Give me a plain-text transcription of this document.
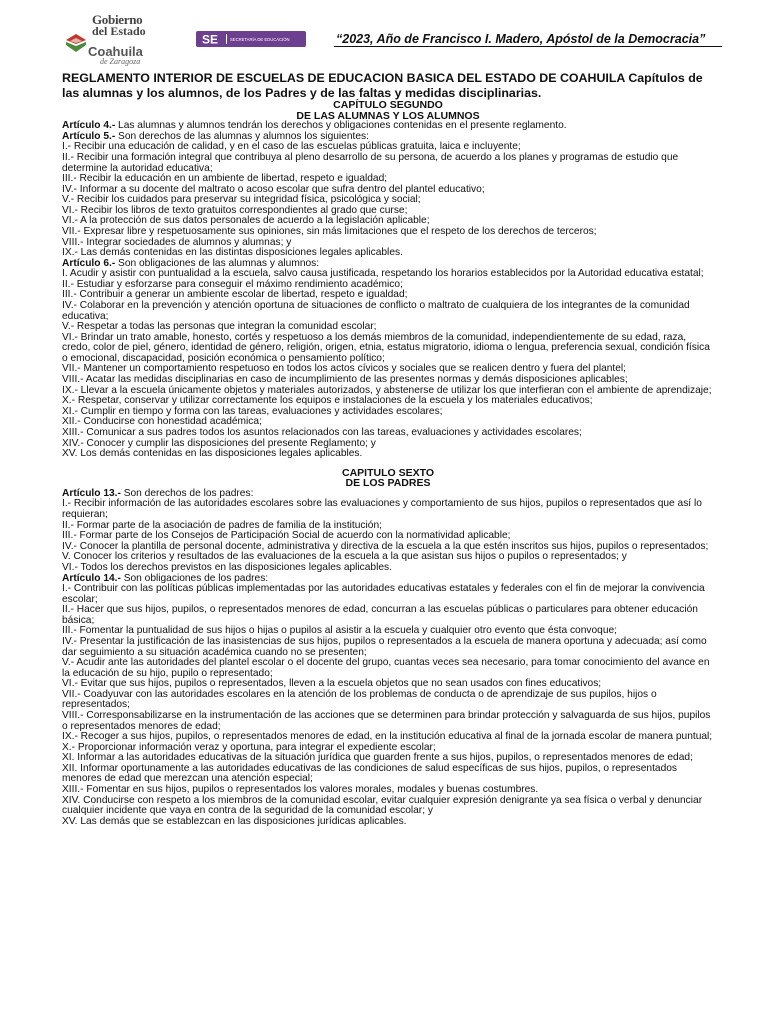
Gobierno
del Estado
Coahuila
de Zaragoza
SE	SECRETARÍA DE EDUCACIÓN	“2023, Año de Francisco I. Madero, Apóstol de la Democracia”

REGLAMENTO INTERIOR DE ESCUELAS DE EDUCACION BASICA DEL ESTADO DE COAHUILA Capítulos de las alumnas y los alumnos, de los Padres y de las faltas y medidas disciplinarias.

CAPÍTULO SEGUNDO

DE LAS ALUMNAS Y LOS ALUMNOS

Artículo 4.- Las alumnas y alumnos tendrán los derechos y obligaciones contenidas en el presente reglamento.

Artículo 5.- Son derechos de las alumnas y alumnos los siguientes:

I.- Recibir una educación de calidad, y en el caso de las escuelas públicas gratuita, laica e incluyente;

II.- Recibir una formación integral que contribuya al pleno desarrollo de su persona, de acuerdo a los planes y programas de estudio que determine la autoridad educativa;

III.- Recibir la educación en un ambiente de libertad, respeto e igualdad;

IV.- Informar a su docente del maltrato o acoso escolar que sufra dentro del plantel educativo;

V.- Recibir los cuidados para preservar su integridad física, psicológica y social;

VI.- Recibir los libros de texto gratuitos correspondientes al grado que curse;

VI.- A la protección de sus datos personales de acuerdo a la legislación aplicable;

VII.- Expresar libre y respetuosamente sus opiniones, sin más limitaciones que el respeto de los derechos de terceros;

VIII.- Integrar sociedades de alumnos y alumnas; y

IX.- Las demás contenidas en las distintas disposiciones legales aplicables.

Artículo 6.- Son obligaciones de las alumnas y alumnos:

I. Acudir y asistir con puntualidad a la escuela, salvo causa justificada, respetando los horarios establecidos por la Autoridad educativa estatal;

II.- Estudiar y esforzarse para conseguir el máximo rendimiento académico;

III.- Contribuir a generar un ambiente escolar de libertad, respeto e igualdad;

IV.- Colaborar en la prevención y atención oportuna de situaciones de conflicto o maltrato de cualquiera de los integrantes de la comunidad educativa;

V.- Respetar a todas las personas que integran la comunidad escolar;

VI.- Brindar un trato amable, honesto, cortés y respetuoso a los demás miembros de la comunidad, independientemente de su edad, raza, credo, color de piel, género, identidad de género, religión, origen, etnia, estatus migratorio, idioma o lengua, preferencia sexual, condición física o emocional, discapacidad, posición económica o pensamiento político;

VII.- Mantener un comportamiento respetuoso en todos los actos cívicos y sociales que se realicen dentro y fuera del plantel;

VIII.- Acatar las medidas disciplinarias en caso de incumplimiento de las presentes normas y demás disposiciones aplicables;

IX.- Llevar a la escuela únicamente objetos y materiales autorizados, y abstenerse de utilizar los que interfieran con el ambiente de aprendizaje;

X.- Respetar, conservar y utilizar correctamente los equipos e instalaciones de la escuela y los materiales educativos;

XI.- Cumplir en tiempo y forma con las tareas, evaluaciones y actividades escolares;

XII.- Conducirse con honestidad académica;

XIII.- Comunicar a sus padres todos los asuntos relacionados con las tareas, evaluaciones y actividades escolares;

XIV.- Conocer y cumplir las disposiciones del presente Reglamento; y

XV. Los demás contenidas en las disposiciones legales aplicables.

CAPITULO SEXTO

DE LOS PADRES

Artículo 13.- Son derechos de los padres:

I.- Recibir información de las autoridades escolares sobre las evaluaciones y comportamiento de sus hijos, pupilos o representados que así lo requieran;

II.- Formar parte de la asociación de padres de familia de la institución;

III.- Formar parte de los Consejos de Participación Social de acuerdo con la normatividad aplicable;

IV.- Conocer la plantilla de personal docente, administrativa y directiva de la escuela a la que estén inscritos sus hijos, pupilos o representados;

V. Conocer los criterios y resultados de las evaluaciones de la escuela a la que asistan sus hijos o pupilos o representados; y

VI.- Todos los derechos previstos en las disposiciones legales aplicables.

Artículo 14.- Son obligaciones de los padres:

I.- Contribuir con las políticas públicas implementadas por las autoridades educativas estatales y federales con el fin de mejorar la convivencia escolar;

II.- Hacer que sus hijos, pupilos, o representados menores de edad, concurran a las escuelas públicas o particulares para obtener educación básica;

III.- Fomentar la puntualidad de sus hijos o hijas o pupilos al asistir a la escuela y cualquier otro evento que ésta convoque;

IV.- Presentar la justificación de las inasistencias de sus hijos, pupilos o representados a la escuela de manera oportuna y adecuada; así como dar seguimiento a su situación académica cuando no se presenten;

V.- Acudir ante las autoridades del plantel escolar o el docente del grupo, cuantas veces sea necesario, para tomar conocimiento del avance en la educación de su hijo, pupilo o representado;

VI.- Evitar que sus hijos, pupilos o representados, lleven a la escuela objetos que no sean usados con fines educativos;

VII.- Coadyuvar con las autoridades escolares en la atención de los problemas de conducta o de aprendizaje de sus pupilos, hijos o representados;

VIII.- Corresponsabilizarse en la instrumentación de las acciones que se determinen para brindar protección y salvaguarda de sus hijos, pupilos o representados menores de edad;

IX.- Recoger a sus hijos, pupilos, o representados menores de edad, en la institución educativa al final de la jornada escolar de manera puntual;

X.- Proporcionar información veraz y oportuna, para integrar el expediente escolar;

XI. Informar a las autoridades educativas de la situación jurídica que guarden frente a sus hijos, pupilos, o representados menores de edad;

XII. Informar oportunamente a las autoridades educativas de las condiciones de salud específicas de sus hijos, pupilos, o representados menores de edad que merezcan una atención especial;

XIII.- Fomentar en sus hijos, pupilos o representados los valores morales, modales y buenas costumbres.

XIV. Conducirse con respeto a los miembros de la comunidad escolar, evitar cualquier expresión denigrante ya sea física o verbal y denunciar cualquier incidente que vaya en contra de la seguridad de la comunidad escolar; y

XV. Las demás que se establezcan en las disposiciones jurídicas aplicables.
